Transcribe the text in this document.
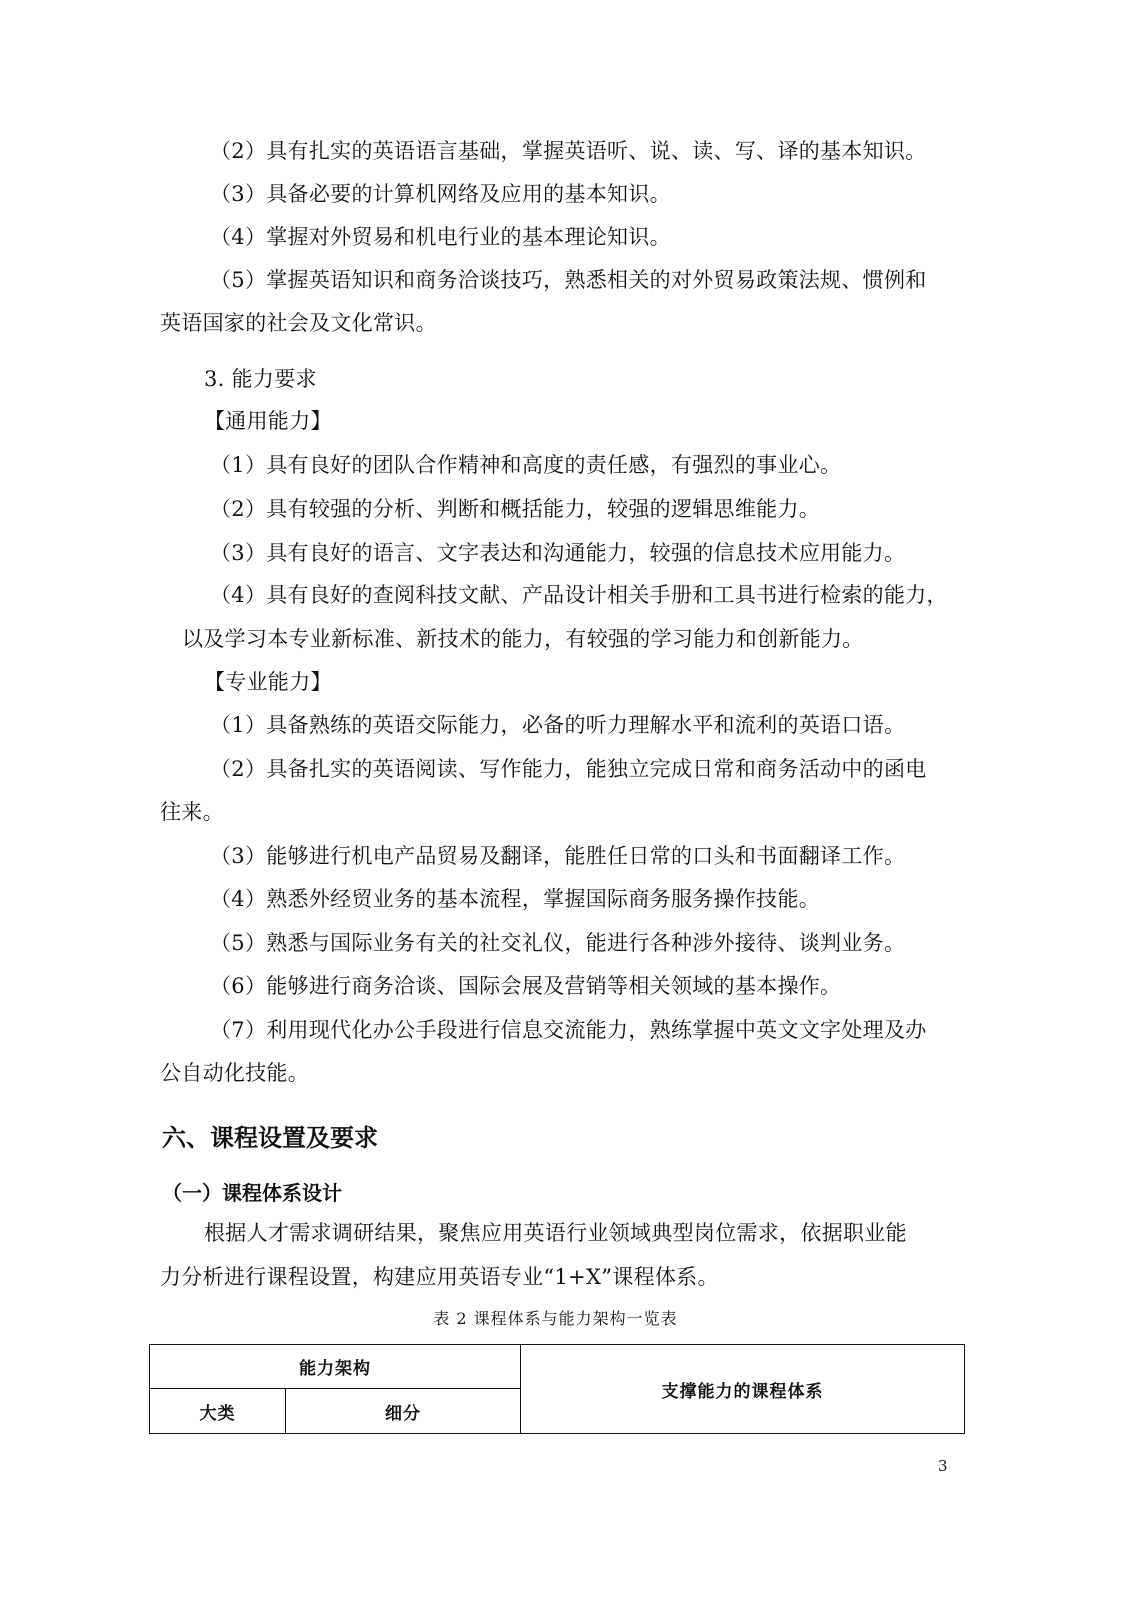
（2）具有扎实的英语语言基础，掌握英语听、说、读、写、译的基本知识。

（3）具备必要的计算机网络及应用的基本知识。

（4）掌握对外贸易和机电行业的基本理论知识。

（5）掌握英语知识和商务洽谈技巧，熟悉相关的对外贸易政策法规、惯例和

英语国家的社会及文化常识。

3. 能力要求

【通用能力】

（1）具有良好的团队合作精神和高度的责任感，有强烈的事业心。

（2）具有较强的分析、判断和概括能力，较强的逻辑思维能力。

（3）具有良好的语言、文字表达和沟通能力，较强的信息技术应用能力。

（4）具有良好的查阅科技文献、产品设计相关手册和工具书进行检索的能力，

以及学习本专业新标准、新技术的能力，有较强的学习能力和创新能力。

【专业能力】

（1）具备熟练的英语交际能力，必备的听力理解水平和流利的英语口语。

（2）具备扎实的英语阅读、写作能力，能独立完成日常和商务活动中的函电

往来。

（3）能够进行机电产品贸易及翻译，能胜任日常的口头和书面翻译工作。

（4）熟悉外经贸业务的基本流程，掌握国际商务服务操作技能。

（5）熟悉与国际业务有关的社交礼仪，能进行各种涉外接待、谈判业务。

（6）能够进行商务洽谈、国际会展及营销等相关领域的基本操作。

（7）利用现代化办公手段进行信息交流能力，熟练掌握中英文文字处理及办

公自动化技能。

六、课程设置及要求
（一）课程体系设计

根据人才需求调研结果，聚焦应用英语行业领域典型岗位需求，依据职业能

力分析进行课程设置，构建应用英语专业“1+X”课程体系。

表 2 课程体系与能力架构一览表

能力架构		支撑能力的课程体系
大类	细分	

3
